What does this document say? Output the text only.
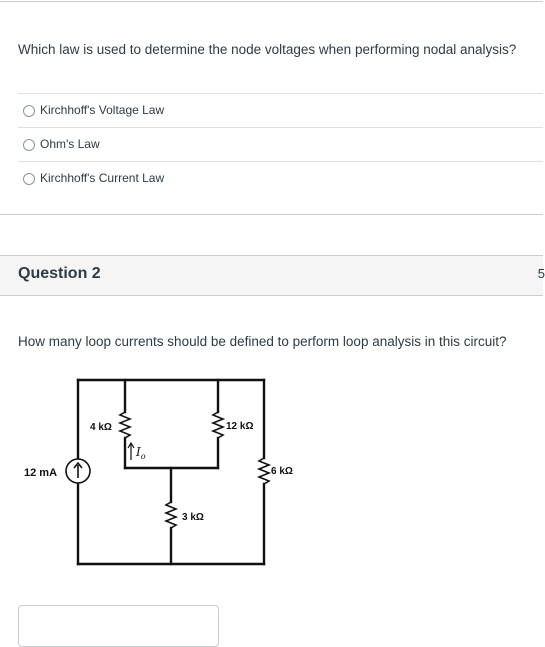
Which law is used to determine the node voltages when performing nodal analysis?
Kirchhoff's Voltage Law
Ohm's Law
Kirchhoff's Current Law
Question 2	5
How many loop currents should be defined to perform loop analysis in this circuit?
12 mA
4 kΩ	12 kΩ
3 kΩ
6 kΩ
$I_o$
